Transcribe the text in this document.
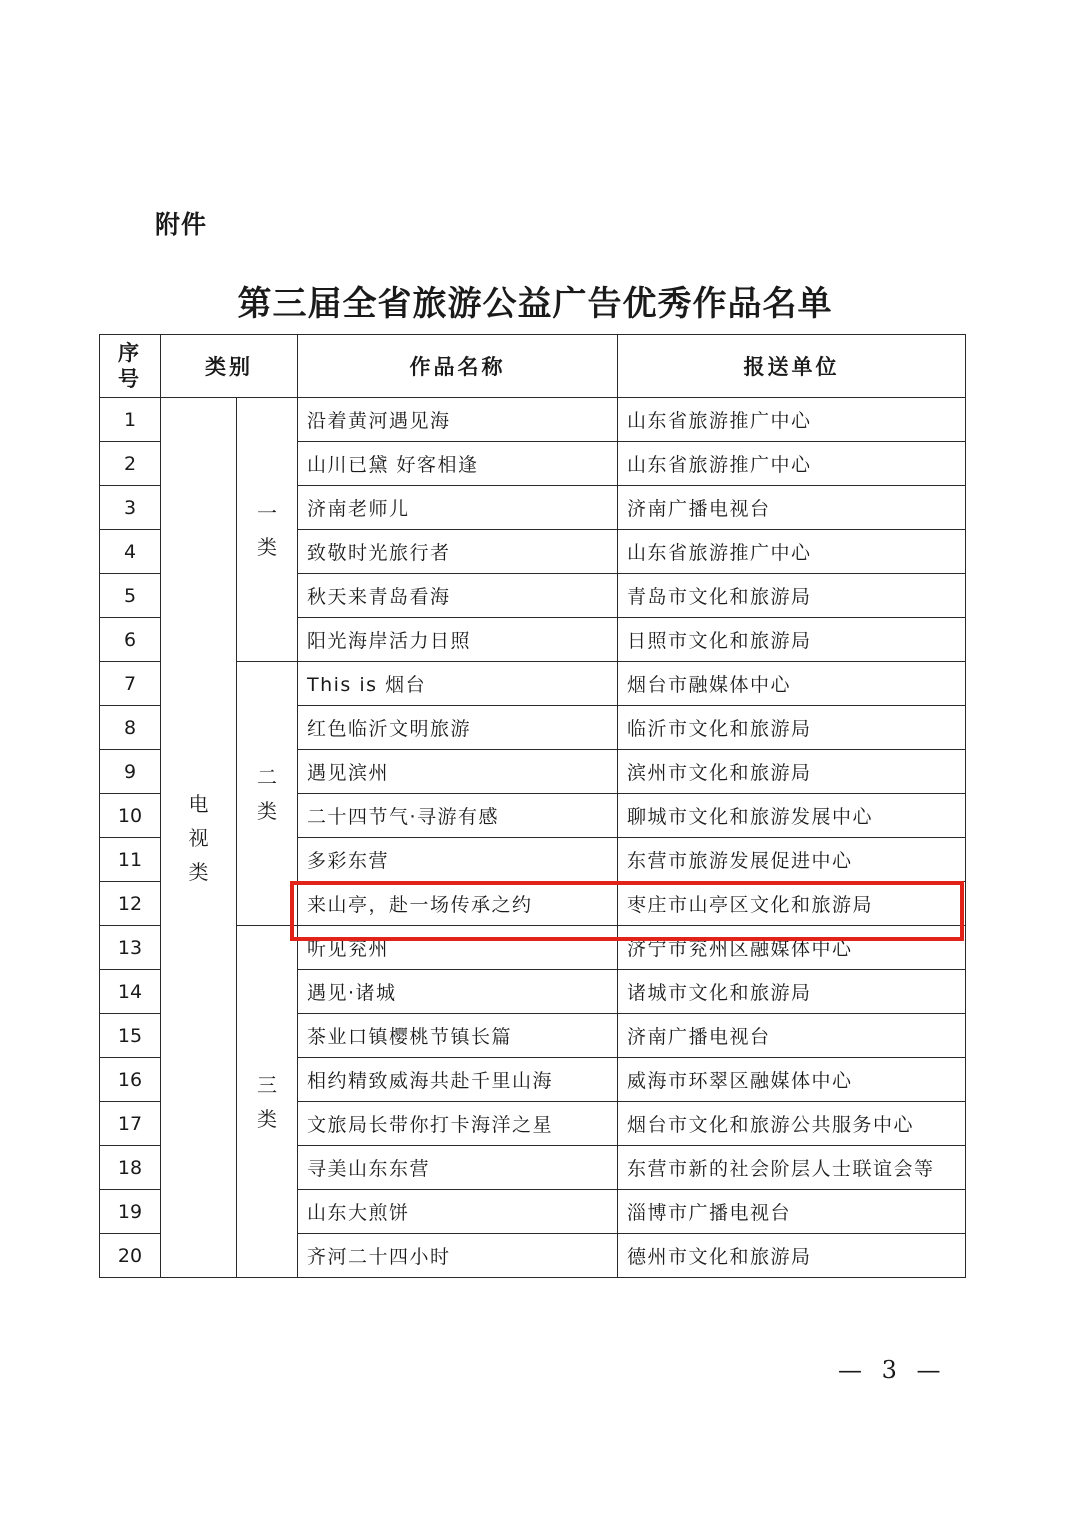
附件
第三届全省旅游公益广告优秀作品名单
序号	类别		作品名称	报送单位
1	电视类	一类	沿着黄河遇见海	山东省旅游推广中心
2			山川已黛 好客相逢	山东省旅游推广中心
3			济南老师儿	济南广播电视台
4			致敬时光旅行者	山东省旅游推广中心
5			秋天来青岛看海	青岛市文化和旅游局
6			阳光海岸活力日照	日照市文化和旅游局
7		二类	This is 烟台	烟台市融媒体中心
8			红色临沂文明旅游	临沂市文化和旅游局
9			遇见滨州	滨州市文化和旅游局
10			二十四节气·寻游有感	聊城市文化和旅游发展中心
11			多彩东营	东营市旅游发展促进中心
12			来山亭，赴一场传承之约	枣庄市山亭区文化和旅游局
13		三类	听见兖州	济宁市兖州区融媒体中心
14			遇见·诸城	诸城市文化和旅游局
15			茶业口镇樱桃节镇长篇	济南广播电视台
16			相约精致威海共赴千里山海	威海市环翠区融媒体中心
17			文旅局长带你打卡海洋之星	烟台市文化和旅游公共服务中心
18			寻美山东东营	东营市新的社会阶层人士联谊会等
19			山东大煎饼	淄博市广播电视台
20			齐河二十四小时	德州市文化和旅游局
— 3 —
